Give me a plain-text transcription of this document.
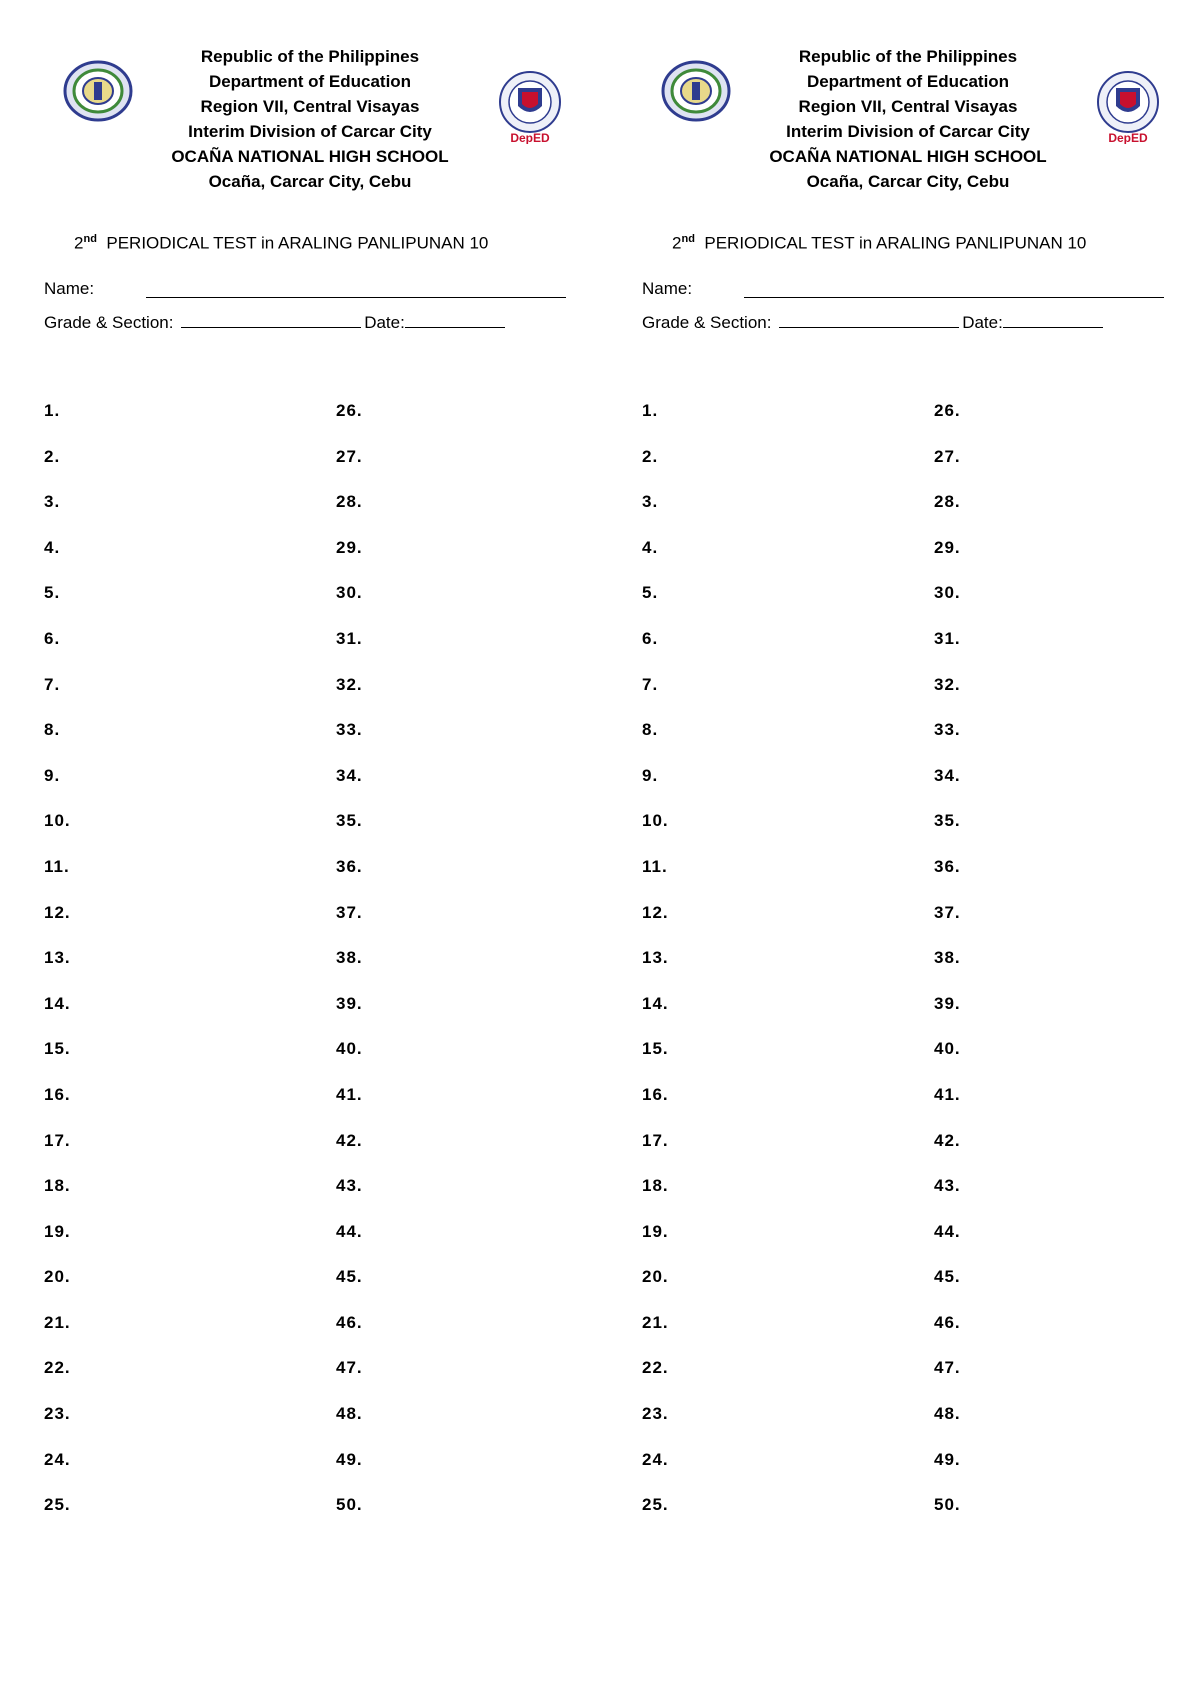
Republic of the Philippines
Department of Education
Region VII, Central Visayas
Interim Division of Carcar City
OCAÑA NATIONAL HIGH SCHOOL
Ocaña, Carcar City, Cebu
DepED
2nd PERIODICAL TEST in ARALING PANLIPUNAN 10
Name:
Grade & Section:	Date:
1.
2.
3.
4.
5.
6.
7.
8.
9.
10.
11.
12.
13.
14.
15.
16.
17.
18.
19.
20.
21.
22.
23.
24.
25.
26.
27.
28.
29.
30.
31.
32.
33.
34.
35.
36.
37.
38.
39.
40.
41.
42.
43.
44.
45.
46.
47.
48.
49.
50.
Republic of the Philippines
Department of Education
Region VII, Central Visayas
Interim Division of Carcar City
OCAÑA NATIONAL HIGH SCHOOL
Ocaña, Carcar City, Cebu
DepED
2nd PERIODICAL TEST in ARALING PANLIPUNAN 10
Name:
Grade & Section:	Date:
1.
2.
3.
4.
5.
6.
7.
8.
9.
10.
11.
12.
13.
14.
15.
16.
17.
18.
19.
20.
21.
22.
23.
24.
25.
26.
27.
28.
29.
30.
31.
32.
33.
34.
35.
36.
37.
38.
39.
40.
41.
42.
43.
44.
45.
46.
47.
48.
49.
50.
